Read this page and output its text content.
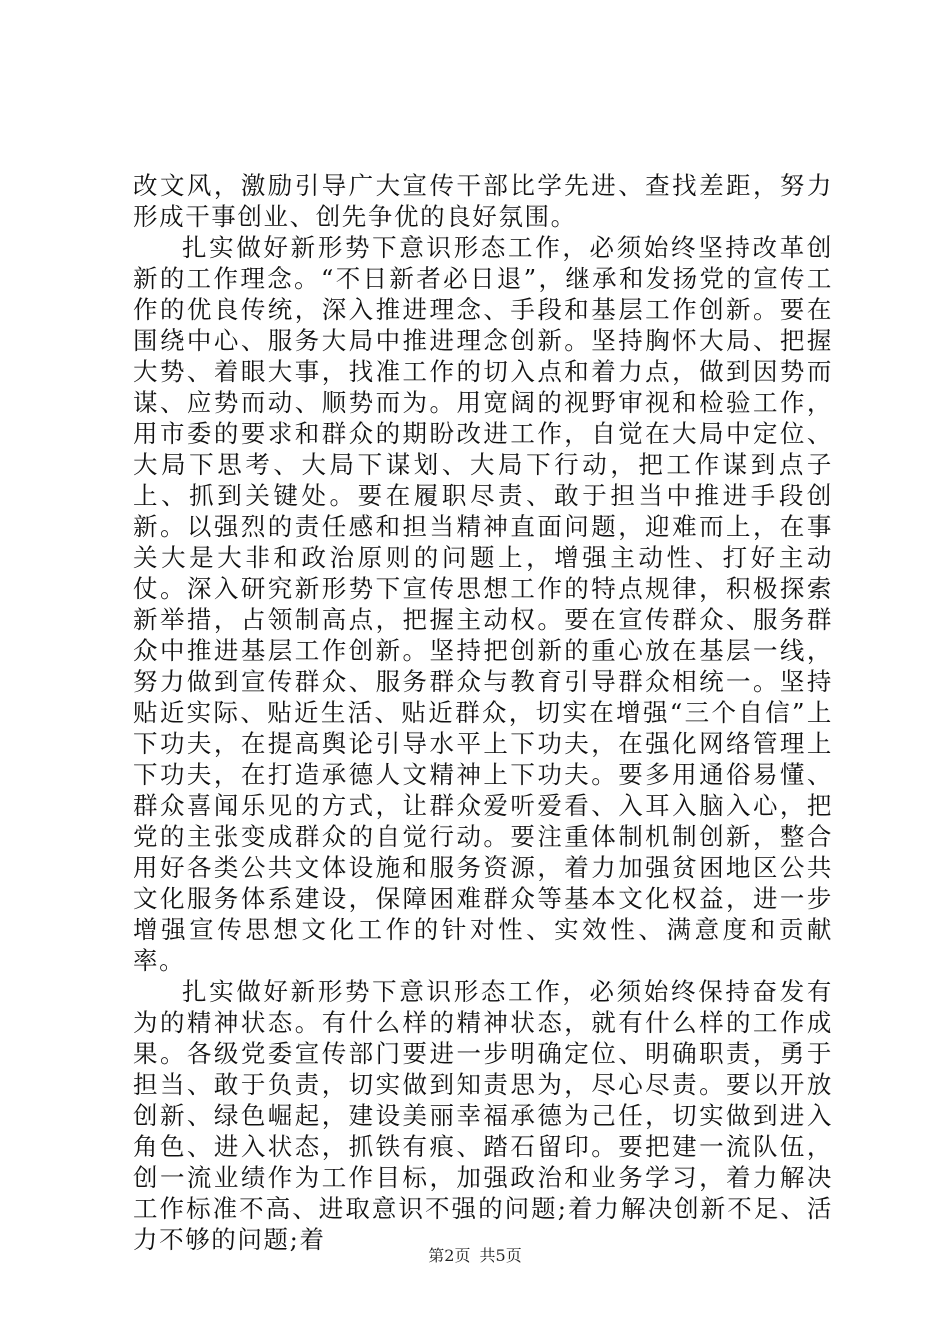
改文风，激励引导广大宣传干部比学先进、查找差距，努力形成干事创业、创先争优的良好氛围。

扎实做好新形势下意识形态工作，必须始终坚持改革创新的工作理念。“不日新者必日退”，继承和发扬党的宣传工作的优良传统，深入推进理念、手段和基层工作创新。要在围绕中心、服务大局中推进理念创新。坚持胸怀大局、把握大势、着眼大事，找准工作的切入点和着力点，做到因势而谋、应势而动、顺势而为。用宽阔的视野审视和检验工作，用市委的要求和群众的期盼改进工作，自觉在大局中定位、大局下思考、大局下谋划、大局下行动，把工作谋到点子上、抓到关键处。要在履职尽责、敢于担当中推进手段创新。以强烈的责任感和担当精神直面问题，迎难而上，在事关大是大非和政治原则的问题上，增强主动性、打好主动仗。深入研究新形势下宣传思想工作的特点规律，积极探索新举措，占领制高点，把握主动权。要在宣传群众、服务群众中推进基层工作创新。坚持把创新的重心放在基层一线，努力做到宣传群众、服务群众与教育引导群众相统一。坚持贴近实际、贴近生活、贴近群众，切实在增强“三个自信”上下功夫，在提高舆论引导水平上下功夫，在强化网络管理上下功夫，在打造承德人文精神上下功夫。要多用通俗易懂、群众喜闻乐见的方式，让群众爱听爱看、入耳入脑入心，把党的主张变成群众的自觉行动。要注重体制机制创新，整合用好各类公共文体设施和服务资源，着力加强贫困地区公共文化服务体系建设，保障困难群众等基本文化权益，进一步增强宣传思想文化工作的针对性、实效性、满意度和贡献率。

扎实做好新形势下意识形态工作，必须始终保持奋发有为的精神状态。有什么样的精神状态，就有什么样的工作成果。各级党委宣传部门要进一步明确定位、明确职责，勇于担当、敢于负责，切实做到知责思为，尽心尽责。要以开放创新、绿色崛起，建设美丽幸福承德为己任，切实做到进入角色、进入状态，抓铁有痕、踏石留印。要把建一流队伍，创一流业绩作为工作目标，加强政治和业务学习，着力解决工作标准不高、进取意识不强的问题;着力解决创新不足、活力不够的问题;着

第2页 共5页
